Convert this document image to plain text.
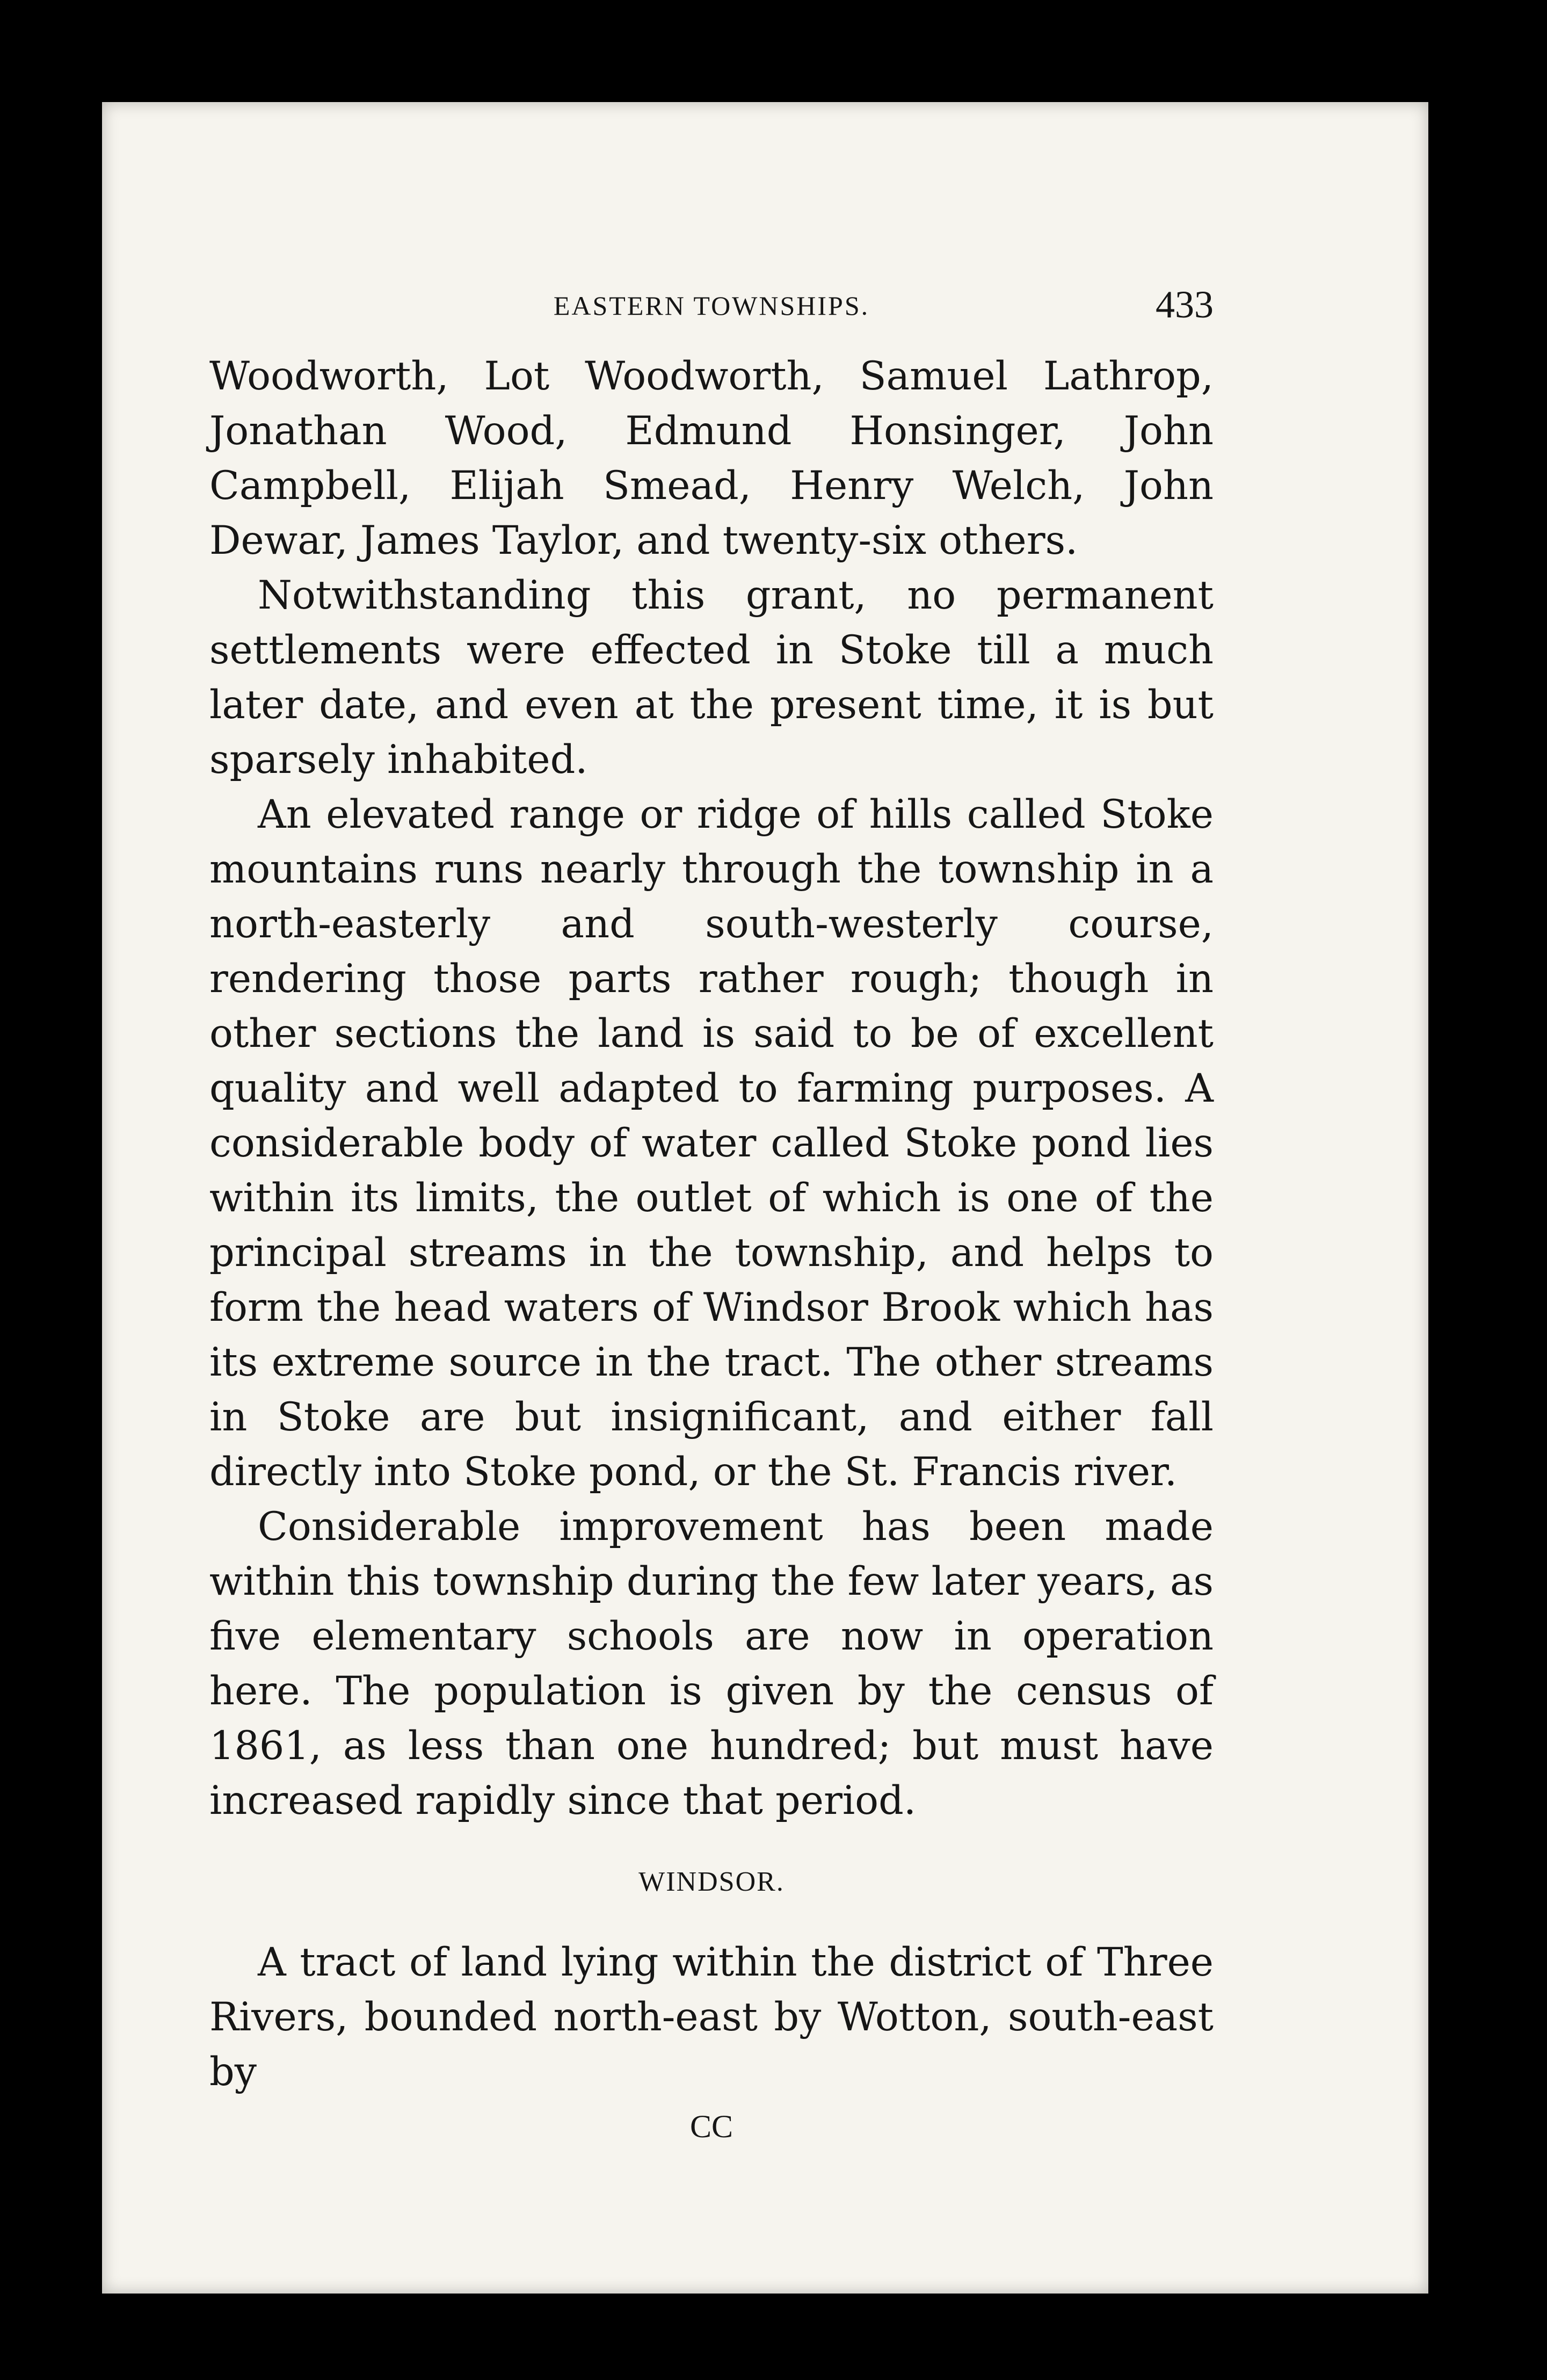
EASTERN TOWNSHIPS.	433

Woodworth, Lot Woodworth, Samuel Lathrop, Jonathan Wood, Edmund Honsinger, John Campbell, Elijah Smead, Henry Welch, John Dewar, James Taylor, and twenty-six others.

Notwithstanding this grant, no permanent settlements were effected in Stoke till a much later date, and even at the present time, it is but sparsely inhabited.

An elevated range or ridge of hills called Stoke mountains runs nearly through the township in a north-easterly and south-westerly course, rendering those parts rather rough; though in other sections the land is said to be of excellent quality and well adapted to farming purposes. A considerable body of water called Stoke pond lies within its limits, the outlet of which is one of the principal streams in the township, and helps to form the head waters of Windsor Brook which has its extreme source in the tract. The other streams in Stoke are but insignificant, and either fall directly into Stoke pond, or the St. Francis river.

Considerable improvement has been made within this township during the few later years, as five elementary schools are now in operation here. The population is given by the census of 1861, as less than one hundred; but must have increased rapidly since that period.

WINDSOR.

A tract of land lying within the district of Three Rivers, bounded north-east by Wotton, south-east by

CC
